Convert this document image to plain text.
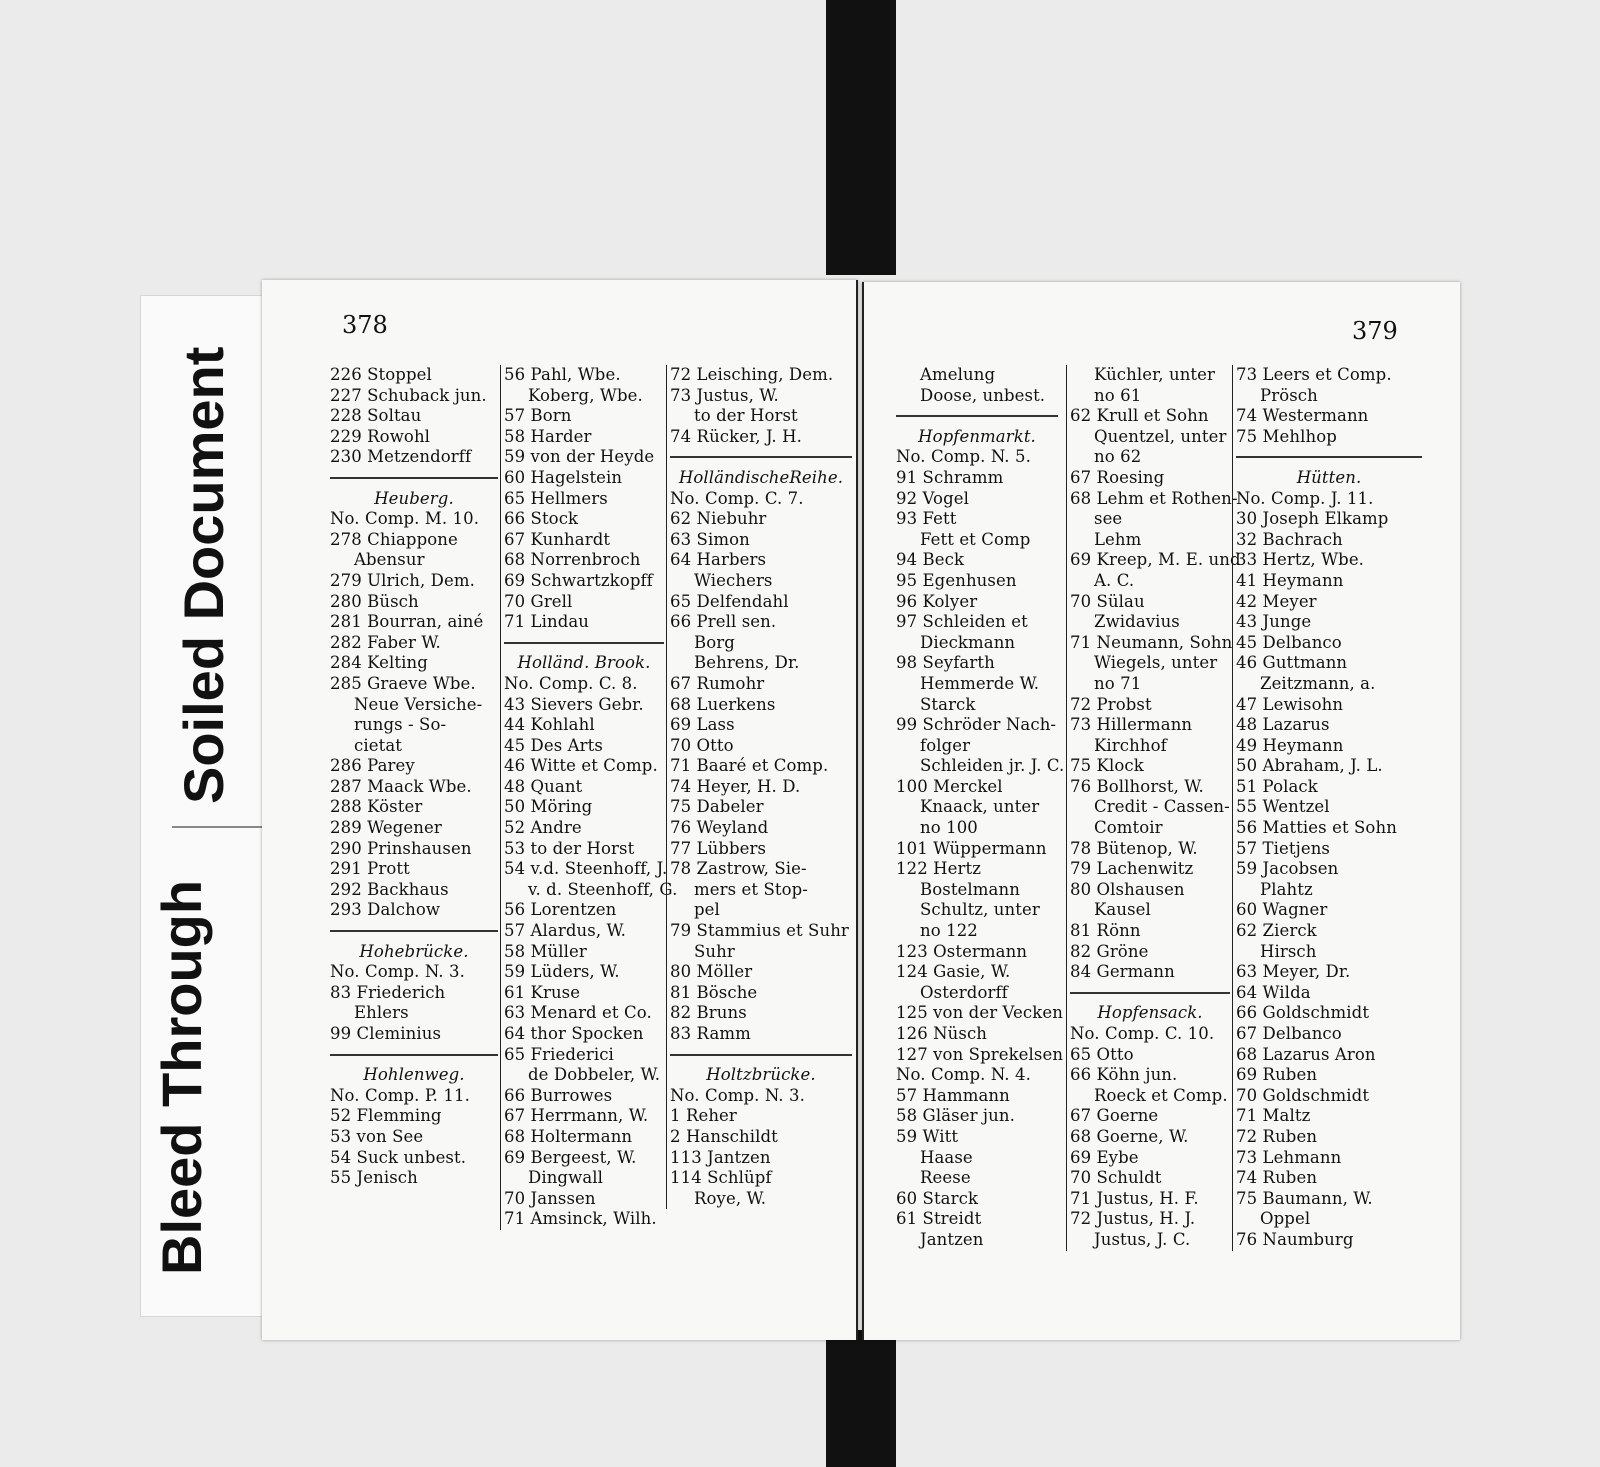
Bleed Through
Soiled Document
378	379
226 Stoppel
227 Schuback jun.
228 Soltau
229 Rowohl
230 Metzendorff
Heuberg.
No. Comp. M. 10.
278 Chiappone
Abensur
279 Ulrich, Dem.
280 Büsch
281 Bourran, ainé
282 Faber W.
284 Kelting
285 Graeve Wbe.
Neue Versiche-
rungs - So-
cietat
286 Parey
287 Maack Wbe.
288 Köster
289 Wegener
290 Prinshausen
291 Prott
292 Backhaus
293 Dalchow
Hohebrücke.
No. Comp. N. 3.
83 Friederich
Ehlers
99 Cleminius
Hohlenweg.
No. Comp. P. 11.
52 Flemming
53 von See
54 Suck unbest.
55 Jenisch
56 Pahl, Wbe.
Koberg, Wbe.
57 Born
58 Harder
59 von der Heyde
60 Hagelstein
65 Hellmers
66 Stock
67 Kunhardt
68 Norrenbroch
69 Schwartzkopff
70 Grell
71 Lindau
Holländ. Brook.
No. Comp. C. 8.
43 Sievers Gebr.
44 Kohlahl
45 Des Arts
46 Witte et Comp.
48 Quant
50 Möring
52 Andre
53 to der Horst
54 v.d. Steenhoff, J.
v. d. Steenhoff, G.
56 Lorentzen
57 Alardus, W.
58 Müller
59 Lüders, W.
61 Kruse
63 Menard et Co.
64 thor Spocken
65 Friederici
de Dobbeler, W.
66 Burrowes
67 Herrmann, W.
68 Holtermann
69 Bergeest, W.
Dingwall
70 Janssen
71 Amsinck, Wilh.
72 Leisching, Dem.
73 Justus, W.
to der Horst
74 Rücker, J. H.
HolländischeReihe.
No. Comp. C. 7.
62 Niebuhr
63 Simon
64 Harbers
Wiechers
65 Delfendahl
66 Prell sen.
Borg
Behrens, Dr.
67 Rumohr
68 Luerkens
69 Lass
70 Otto
71 Baaré et Comp.
74 Heyer, H. D.
75 Dabeler
76 Weyland
77 Lübbers
78 Zastrow, Sie-
mers et Stop-
pel
79 Stammius et Suhr
Suhr
80 Möller
81 Bösche
82 Bruns
83 Ramm
Holtzbrücke.
No. Comp. N. 3.
1 Reher
2 Hanschildt
113 Jantzen
114 Schlüpf
Roye, W.
Amelung
Doose, unbest.
Hopfenmarkt.
No. Comp. N. 5.
91 Schramm
92 Vogel
93 Fett
Fett et Comp
94 Beck
95 Egenhusen
96 Kolyer
97 Schleiden et
Dieckmann
98 Seyfarth
Hemmerde W.
Starck
99 Schröder Nach-
folger
Schleiden jr. J. C.
100 Merckel
Knaack, unter
no 100
101 Wüppermann
122 Hertz
Bostelmann
Schultz, unter
no 122
123 Ostermann
124 Gasie, W.
Osterdorff
125 von der Vecken
126 Nüsch
127 von Sprekelsen
No. Comp. N. 4.
57 Hammann
58 Gläser jun.
59 Witt
Haase
Reese
60 Starck
61 Streidt
Jantzen
Küchler, unter
no 61
62 Krull et Sohn
Quentzel, unter
no 62
67 Roesing
68 Lehm et Rothen-
see
Lehm
69 Kreep, M. E. und
A. C.
70 Sülau
Zwidavius
71 Neumann, Sohn
Wiegels, unter
no 71
72 Probst
73 Hillermann
Kirchhof
75 Klock
76 Bollhorst, W.
Credit - Cassen-
Comtoir
78 Bütenop, W.
79 Lachenwitz
80 Olshausen
Kausel
81 Rönn
82 Gröne
84 Germann
Hopfensack.
No. Comp. C. 10.
65 Otto
66 Köhn jun.
Roeck et Comp.
67 Goerne
68 Goerne, W.
69 Eybe
70 Schuldt
71 Justus, H. F.
72 Justus, H. J.
Justus, J. C.
73 Leers et Comp.
Prösch
74 Westermann
75 Mehlhop
Hütten.
No. Comp. J. 11.
30 Joseph Elkamp
32 Bachrach
33 Hertz, Wbe.
41 Heymann
42 Meyer
43 Junge
45 Delbanco
46 Guttmann
Zeitzmann, a.
47 Lewisohn
48 Lazarus
49 Heymann
50 Abraham, J. L.
51 Polack
55 Wentzel
56 Matties et Sohn
57 Tietjens
59 Jacobsen
Plahtz
60 Wagner
62 Zierck
Hirsch
63 Meyer, Dr.
64 Wilda
66 Goldschmidt
67 Delbanco
68 Lazarus Aron
69 Ruben
70 Goldschmidt
71 Maltz
72 Ruben
73 Lehmann
74 Ruben
75 Baumann, W.
Oppel
76 Naumburg
